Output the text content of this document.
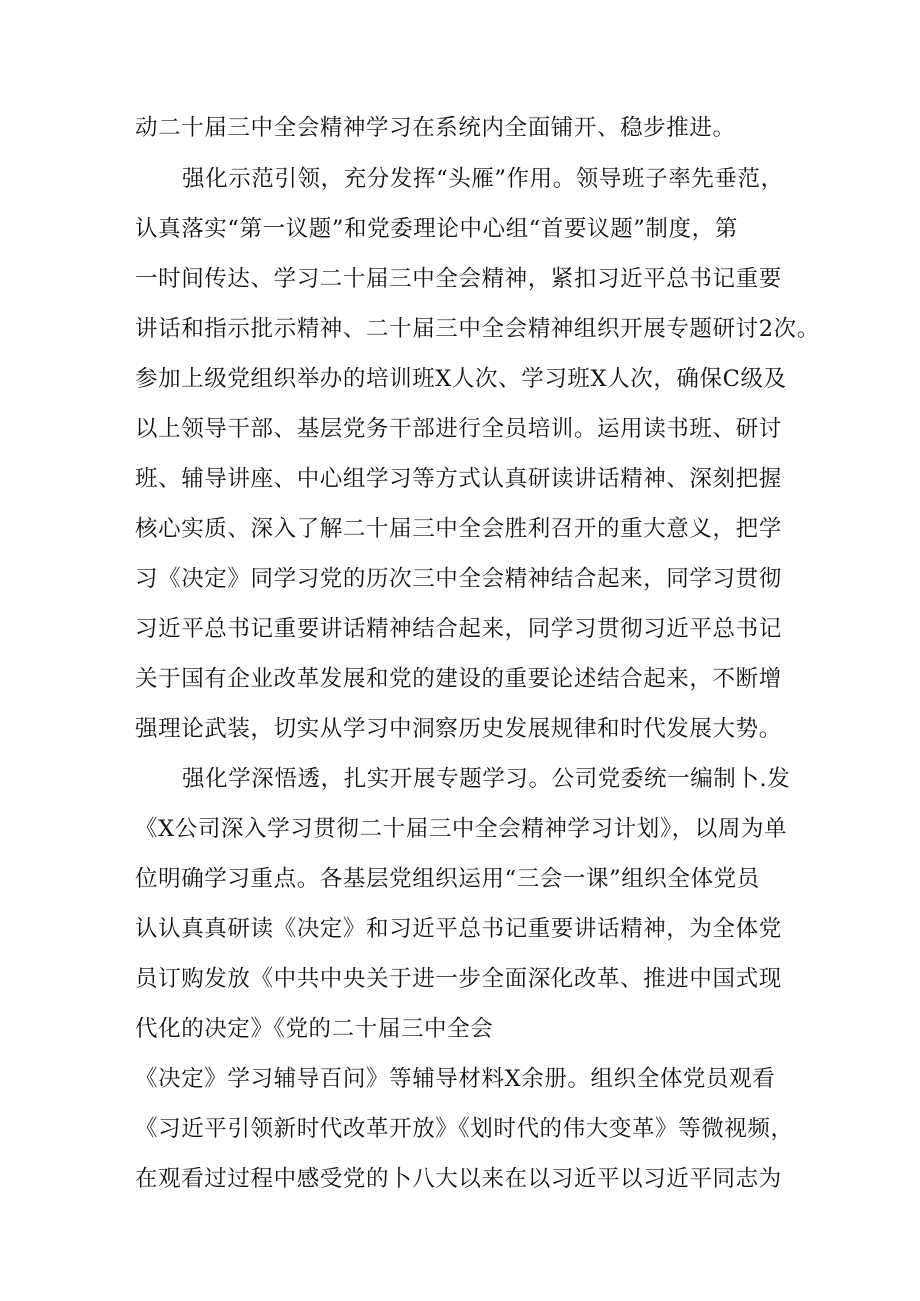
动二十届三中全会精神学习在系统内全面铺开、稳步推进。

强化示范引领，充分发挥“头雁”作用。领导班子率先垂范，

认真落实“第一议题”和党委理论中心组“首要议题”制度，第

一时间传达、学习二十届三中全会精神，紧扣习近平总书记重要

讲话和指示批示精神、二十届三中全会精神组织开展专题研讨2次。

参加上级党组织举办的培训班X人次、学习班X人次，确保C级及

以上领导干部、基层党务干部进行全员培训。运用读书班、研讨

班、辅导讲座、中心组学习等方式认真研读讲话精神、深刻把握

核心实质、深入了解二十届三中全会胜利召开的重大意义，把学

习《决定》同学习党的历次三中全会精神结合起来，同学习贯彻

习近平总书记重要讲话精神结合起来，同学习贯彻习近平总书记

关于国有企业改革发展和党的建设的重要论述结合起来，不断增

强理论武装，切实从学习中洞察历史发展规律和时代发展大势。

强化学深悟透，扎实开展专题学习。公司党委统一编制卜.发

《X公司深入学习贯彻二十届三中全会精神学习计划》，以周为单

位明确学习重点。各基层党组织运用“三会一课”组织全体党员

认认真真研读《决定》和习近平总书记重要讲话精神，为全体党

员订购发放《中共中央关于进一步全面深化改革、推进中国式现

代化的决定》《党的二十届三中全会

《决定》学习辅导百问》等辅导材料X余册。组织全体党员观看

《习近平引领新时代改革开放》《划时代的伟大变革》等微视频，

在观看过过程中感受党的卜八大以来在以习近平以习近平同志为
